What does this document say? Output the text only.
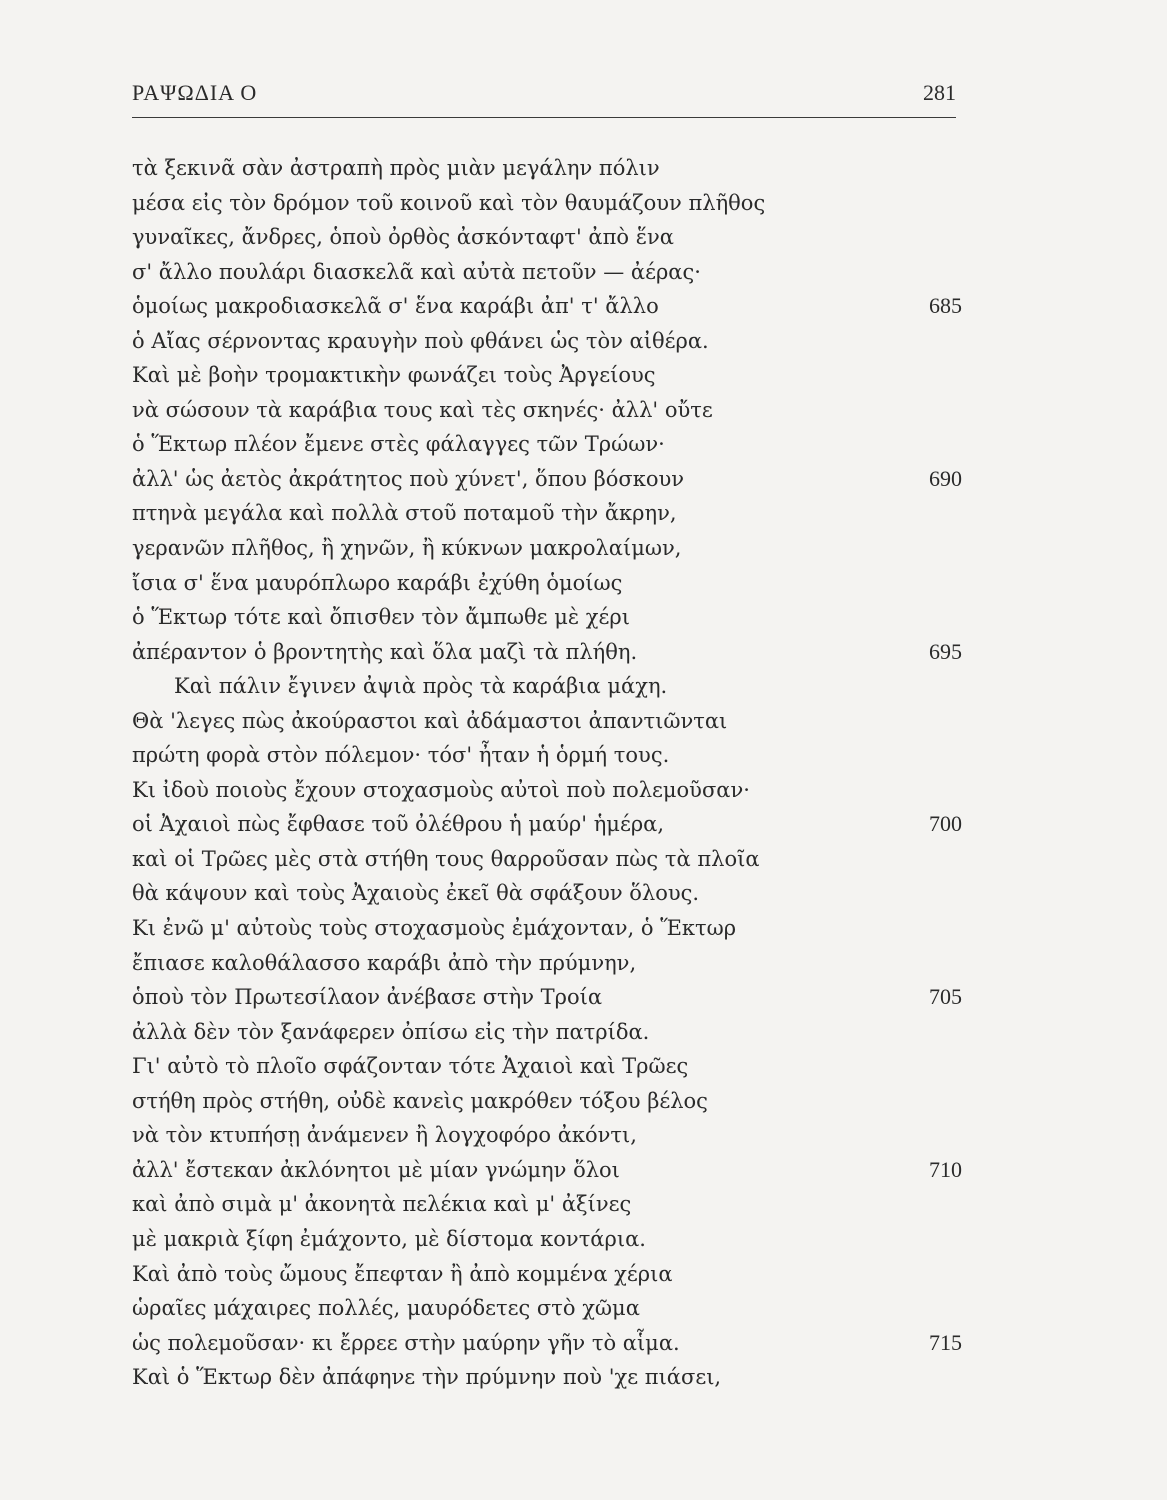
ΡΑΨΩΔΙΑ Ο	281
τὰ ξεκινᾶ σὰν ἀστραπὴ πρὸς μιὰν μεγάλην πόλιν
μέσα εἰς τὸν δρόμον τοῦ κοινοῦ καὶ τὸν θαυμάζουν πλῆθος
γυναῖκες, ἄνδρες, ὁποὺ ὀρθὸς ἀσκόνταφτ' ἀπὸ ἕνα
σ' ἄλλο πουλάρι διασκελᾶ καὶ αὐτὰ πετοῦν — ἀέρας·
ὁμοίως μακροδιασκελᾶ σ' ἕνα καράβι ἀπ' τ' ἄλλο	685
ὁ Αἴας σέρνοντας κραυγὴν ποὺ φθάνει ὡς τὸν αἰθέρα.
Καὶ μὲ βοὴν τρομακτικὴν φωνάζει τοὺς Ἀργείους
νὰ σώσουν τὰ καράβια τους καὶ τὲς σκηνές· ἀλλ' οὔτε
ὁ Ἕκτωρ πλέον ἔμενε στὲς φάλαγγες τῶν Τρώων·
ἀλλ' ὡς ἀετὸς ἀκράτητος ποὺ χύνετ', ὅπου βόσκουν	690
πτηνὰ μεγάλα καὶ πολλὰ στοῦ ποταμοῦ τὴν ἄκρην,
γερανῶν πλῆθος, ἢ χηνῶν, ἢ κύκνων μακρολαίμων,
ἴσια σ' ἕνα μαυρόπλωρο καράβι ἐχύθη ὁμοίως
ὁ Ἕκτωρ τότε καὶ ὄπισθεν τὸν ἄμπωθε μὲ χέρι
ἀπέραντον ὁ βροντητὴς καὶ ὅλα μαζὶ τὰ πλήθη.	695
Καὶ πάλιν ἔγινεν ἀψιὰ πρὸς τὰ καράβια μάχη.
Θὰ 'λεγες πὼς ἀκούραστοι καὶ ἀδάμαστοι ἀπαντιῶνται
πρώτη φορὰ στὸν πόλεμον· τόσ' ἦταν ἡ ὁρμή τους.
Κι ἰδοὺ ποιοὺς ἔχουν στοχασμοὺς αὐτοὶ ποὺ πολεμοῦσαν·
οἱ Ἀχαιοὶ πὼς ἔφθασε τοῦ ὀλέθρου ἡ μαύρ' ἡμέρα,	700
καὶ οἱ Τρῶες μὲς στὰ στήθη τους θαρροῦσαν πὼς τὰ πλοῖα
θὰ κάψουν καὶ τοὺς Ἀχαιοὺς ἐκεῖ θὰ σφάξουν ὅλους.
Κι ἐνῶ μ' αὐτοὺς τοὺς στοχασμοὺς ἐμάχονταν, ὁ Ἕκτωρ
ἔπιασε καλοθάλασσο καράβι ἀπὸ τὴν πρύμνην,
ὁποὺ τὸν Πρωτεσίλαον ἀνέβασε στὴν Τροία	705
ἀλλὰ δὲν τὸν ξανάφερεν ὀπίσω εἰς τὴν πατρίδα.
Γι' αὐτὸ τὸ πλοῖο σφάζονταν τότε Ἀχαιοὶ καὶ Τρῶες
στήθη πρὸς στήθη, οὐδὲ κανεὶς μακρόθεν τόξου βέλος
νὰ τὸν κτυπήσῃ ἀνάμενεν ἢ λογχοφόρο ἀκόντι,
ἀλλ' ἔστεκαν ἀκλόνητοι μὲ μίαν γνώμην ὅλοι	710
καὶ ἀπὸ σιμὰ μ' ἀκονητὰ πελέκια καὶ μ' ἀξίνες
μὲ μακριὰ ξίφη ἐμάχοντο, μὲ δίστομα κοντάρια.
Καὶ ἀπὸ τοὺς ὤμους ἔπεφταν ἢ ἀπὸ κομμένα χέρια
ὡραῖες μάχαιρες πολλές, μαυρόδετες στὸ χῶμα
ὡς πολεμοῦσαν· κι ἔρρεε στὴν μαύρην γῆν τὸ αἷμα.	715
Καὶ ὁ Ἕκτωρ δὲν ἀπάφηνε τὴν πρύμνην ποὺ 'χε πιάσει,
